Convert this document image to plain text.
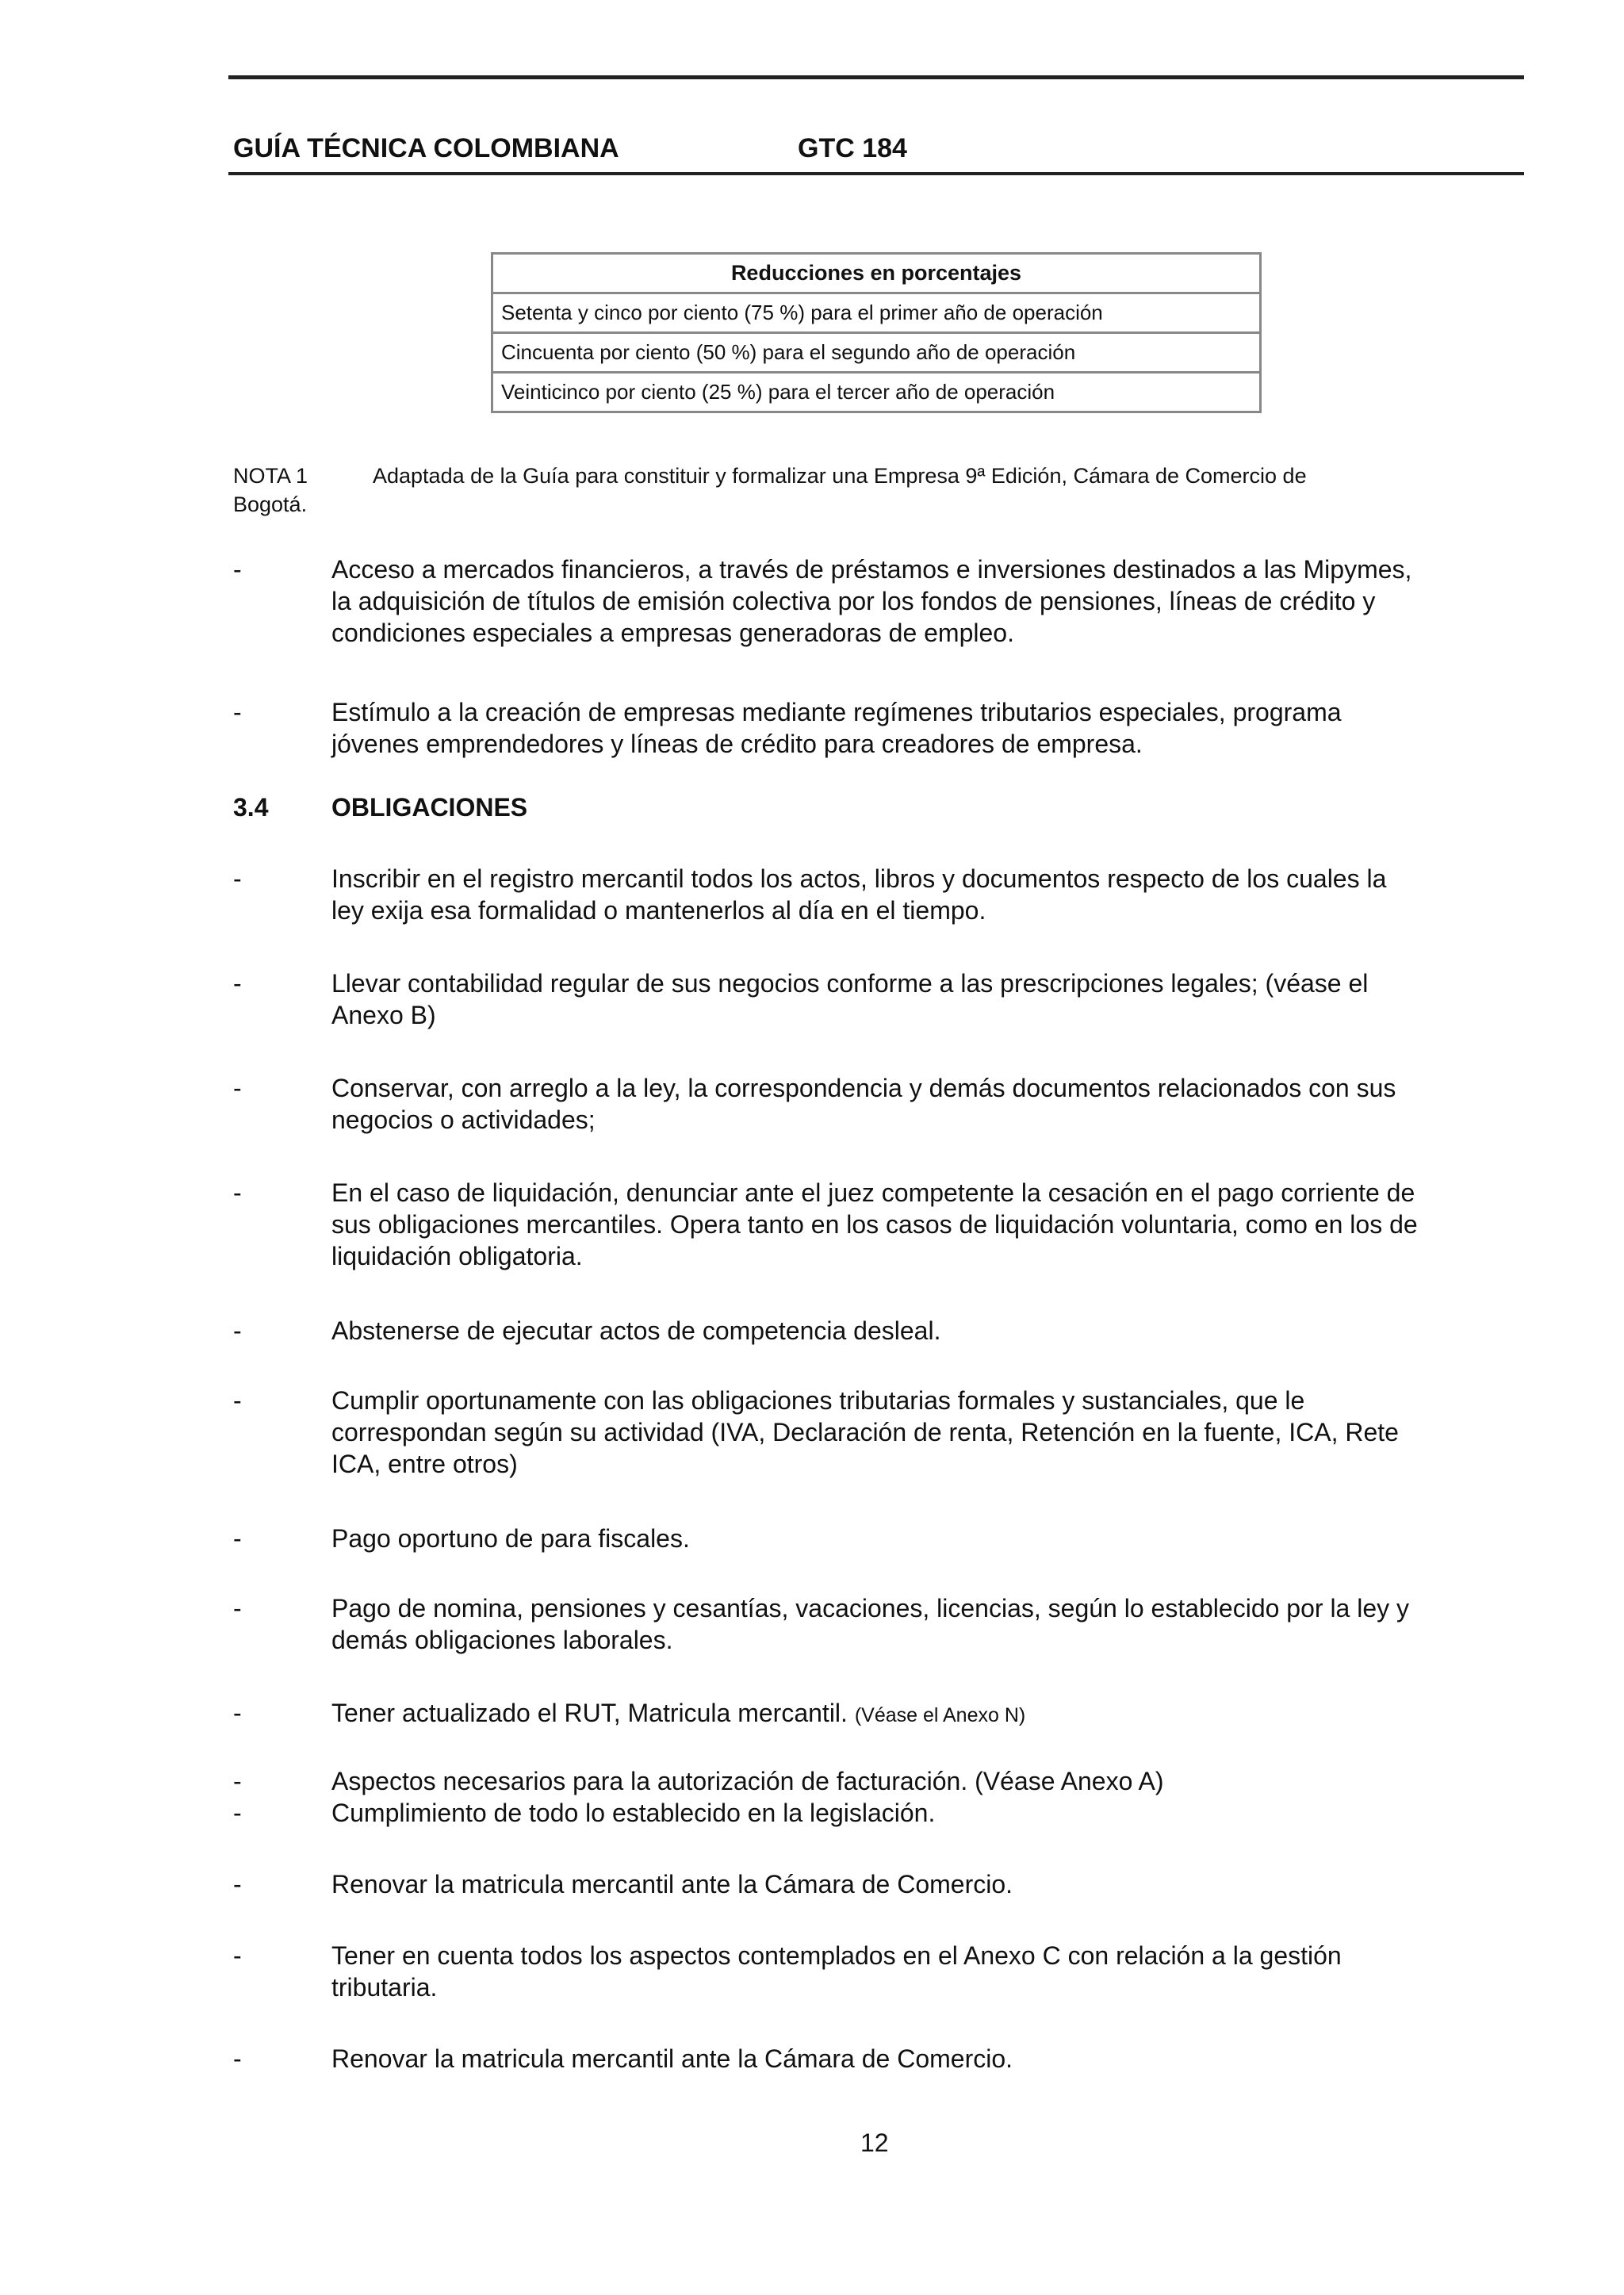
GUÍA TÉCNICA COLOMBIANA	GTC 184
Reducciones en porcentajes
Setenta y cinco por ciento (75 %) para el primer año de operación
Cincuenta por ciento (50 %) para el segundo año de operación
Veinticinco por ciento (25 %) para el tercer año de operación
NOTA 1	Adaptada de la Guía para constituir y formalizar una Empresa 9ª Edición, Cámara de Comercio de
Bogotá.
-	Acceso a mercados financieros, a través de préstamos e inversiones destinados a las Mipymes, la adquisición de títulos de emisión colectiva por los fondos de pensiones, líneas de crédito y condiciones especiales a empresas generadoras de empleo.
-	Estímulo a la creación de empresas mediante regímenes tributarios especiales, programa jóvenes emprendedores y líneas de crédito para creadores de empresa.
3.4 OBLIGACIONES
-	Inscribir en el registro mercantil todos los actos, libros y documentos respecto de los cuales la ley exija esa formalidad o mantenerlos al día en el tiempo.
-	Llevar contabilidad regular de sus negocios conforme a las prescripciones legales; (véase el Anexo B)
-	Conservar, con arreglo a la ley, la correspondencia y demás documentos relacionados con sus negocios o actividades;
-	En el caso de liquidación, denunciar ante el juez competente la cesación en el pago corriente de sus obligaciones mercantiles. Opera tanto en los casos de liquidación voluntaria, como en los de liquidación obligatoria.
-	Abstenerse de ejecutar actos de competencia desleal.
-	Cumplir oportunamente con las obligaciones tributarias formales y sustanciales, que le correspondan según su actividad (IVA, Declaración de renta, Retención en la fuente, ICA, Rete ICA, entre otros)
-	Pago oportuno de para fiscales.
-	Pago de nomina, pensiones y cesantías, vacaciones, licencias, según lo establecido por la ley y demás obligaciones laborales.
-	Tener actualizado el RUT, Matricula mercantil. (Véase el Anexo N)
-	Aspectos necesarios para la autorización de facturación. (Véase Anexo A)
-	Cumplimiento de todo lo establecido en la legislación.
-	Renovar la matricula mercantil ante la Cámara de Comercio.
-	Tener en cuenta todos los aspectos contemplados en el Anexo C con relación a la gestión tributaria.
-	Renovar la matricula mercantil ante la Cámara de Comercio.
12
